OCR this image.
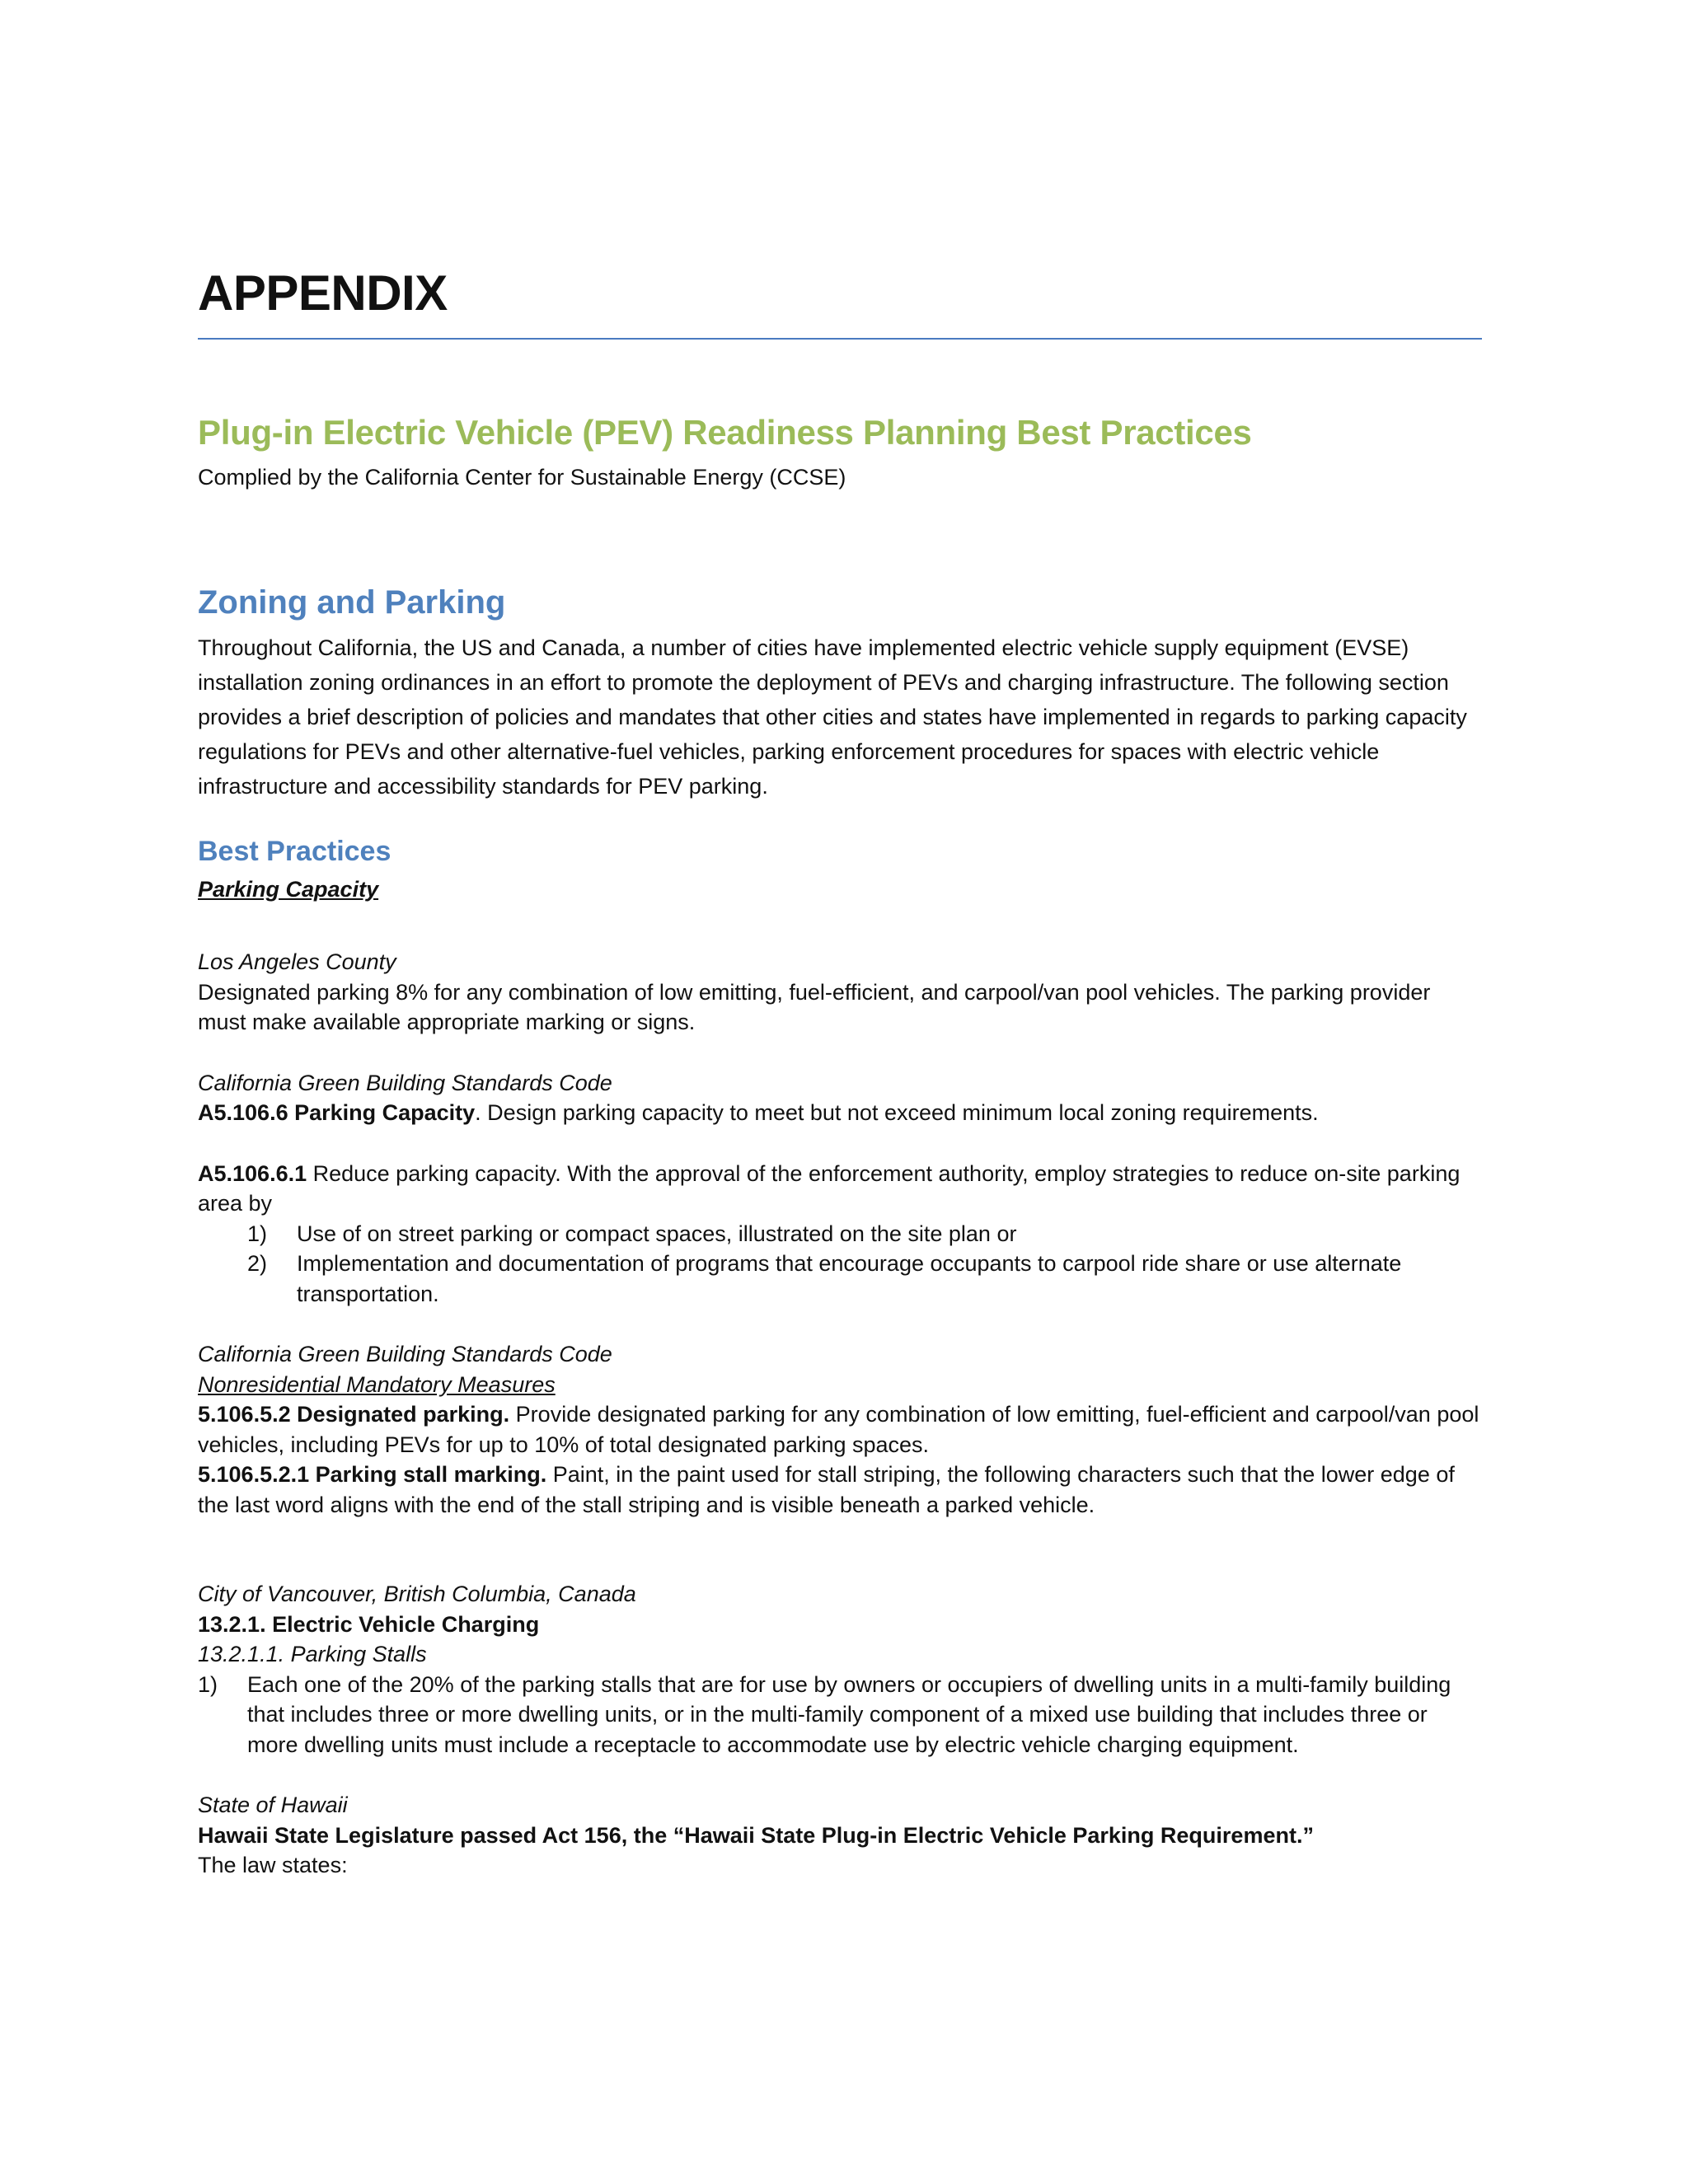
APPENDIX
Plug-in Electric Vehicle (PEV) Readiness Planning Best Practices
Complied by the California Center for Sustainable Energy (CCSE)
Zoning and Parking

Throughout California, the US and Canada, a number of cities have implemented electric vehicle supply equipment (EVSE) installation zoning ordinances in an effort to promote the deployment of PEVs and charging infrastructure. The following section provides a brief description of policies and mandates that other cities and states have implemented in regards to parking capacity regulations for PEVs and other alternative-fuel vehicles, parking enforcement procedures for spaces with electric vehicle infrastructure and accessibility standards for PEV parking.

Best Practices
Parking Capacity

Los Angeles County

Designated parking 8% for any combination of low emitting, fuel-efficient, and carpool/van pool vehicles. The parking provider must make available appropriate marking or signs.

California Green Building Standards Code

A5.106.6 Parking Capacity. Design parking capacity to meet but not exceed minimum local zoning requirements.

A5.106.6.1 Reduce parking capacity. With the approval of the enforcement authority, employ strategies to reduce on-site parking area by

1)	Use of on street parking or compact spaces, illustrated on the site plan or
2)	Implementation and documentation of programs that encourage occupants to carpool ride share or use alternate transportation.

California Green Building Standards Code

Nonresidential Mandatory Measures

5.106.5.2 Designated parking. Provide designated parking for any combination of low emitting, fuel-efficient and carpool/van pool vehicles, including PEVs for up to 10% of total designated parking spaces.

5.106.5.2.1 Parking stall marking. Paint, in the paint used for stall striping, the following characters such that the lower edge of the last word aligns with the end of the stall striping and is visible beneath a parked vehicle.

City of Vancouver, British Columbia, Canada

13.2.1. Electric Vehicle Charging

13.2.1.1. Parking Stalls

1)	Each one of the 20% of the parking stalls that are for use by owners or occupiers of dwelling units in a multi-family building that includes three or more dwelling units, or in the multi-family component of a mixed use building that includes three or more dwelling units must include a receptacle to accommodate use by electric vehicle charging equipment.

State of Hawaii

Hawaii State Legislature passed Act 156, the “Hawaii State Plug-in Electric Vehicle Parking Requirement.”

The law states:
